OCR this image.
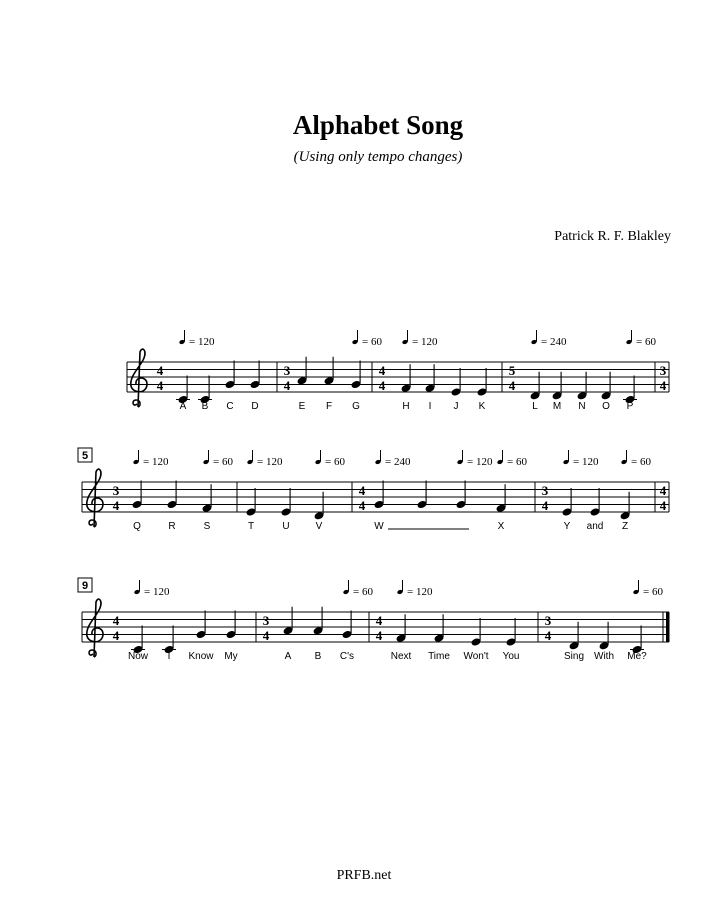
Alphabet Song
(Using only tempo changes)
Patrick R. F. Blakley
A B C D	E F G	H I J K	L M N O P
3
4
4
4
= 120
3
4
= 60
4
4
= 120
5
4
= 240	= 60
5
Q	R	S	T	U	V	W	X	Y and Z
4
4
3
4
= 120	= 60 = 120	= 60
4
4
= 240	= 120 = 60
3
4
= 120	= 60
9
Now I Know My	A B C's	Next Time Won't You	Sing With Me?
4
4
= 120
3
4
= 60
4
4
= 120
3
4
= 60
PRFB.net
